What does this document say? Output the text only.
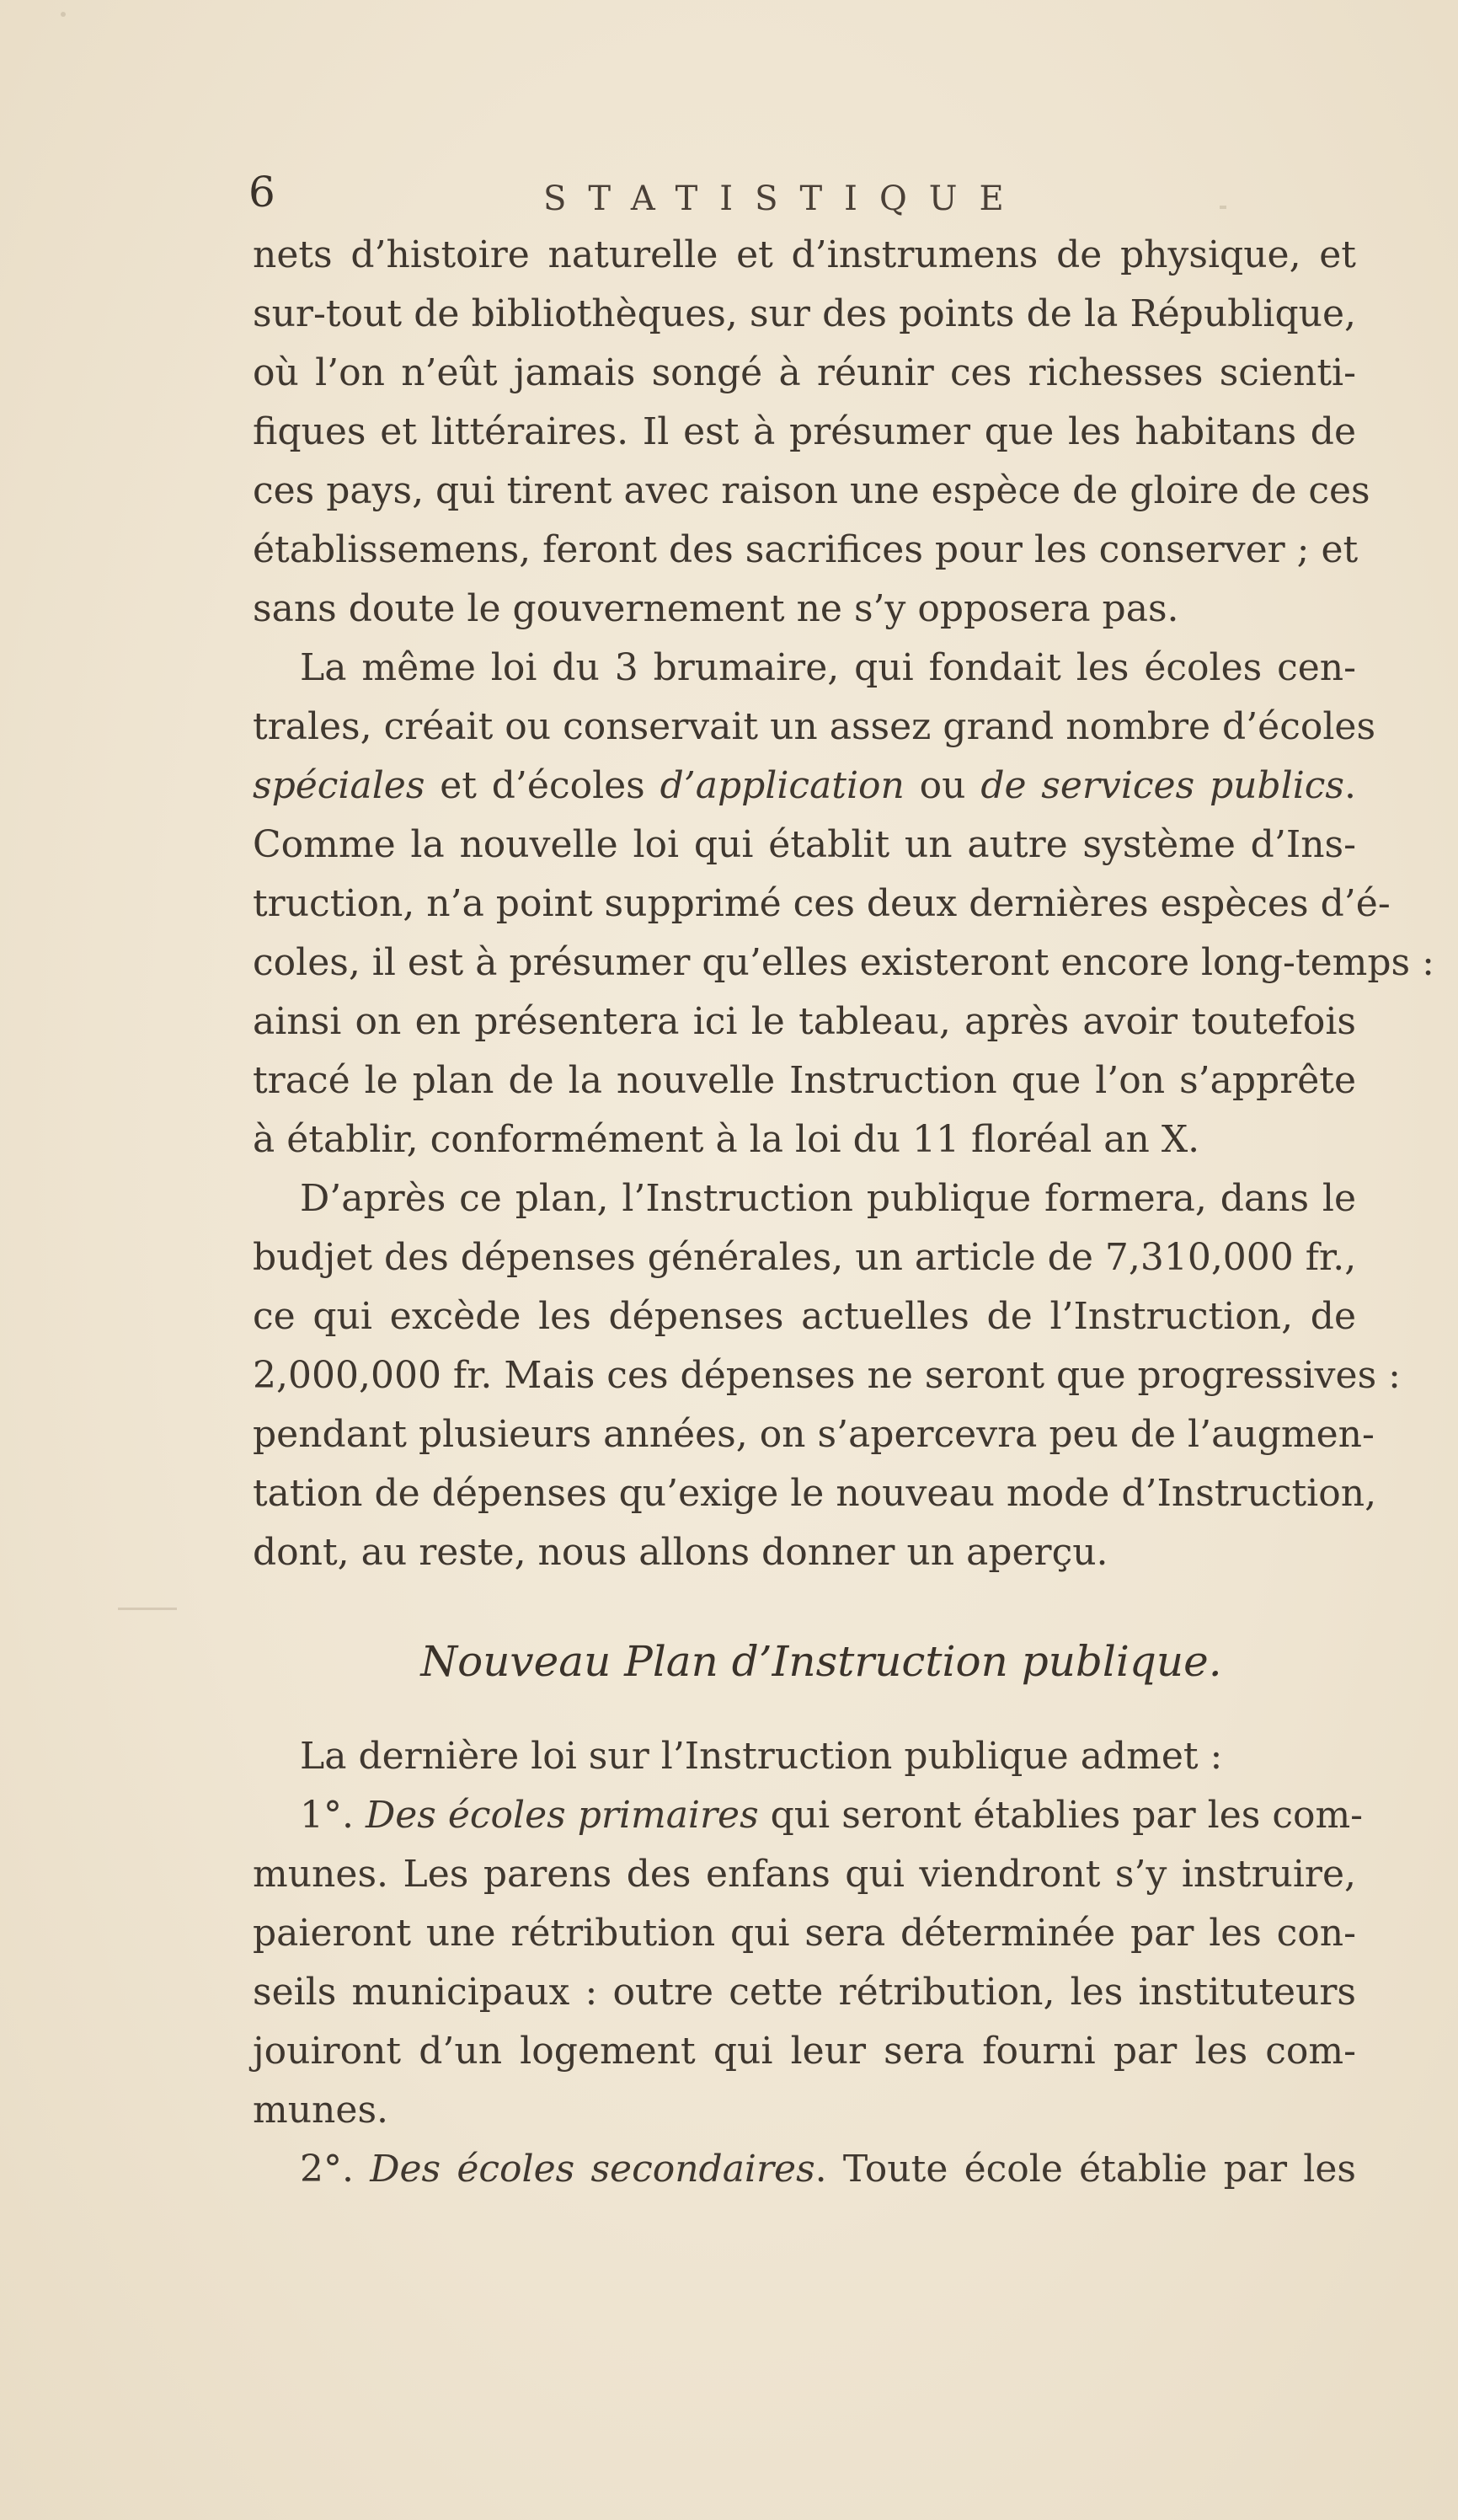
6	STATISTIQUE
nets d’histoire naturelle et d’instrumens de physique, et
sur-tout de bibliothèques, sur des points de la République,
où l’on n’eût jamais songé à réunir ces richesses scienti-
fiques et littéraires. Il est à présumer que les habitans de
ces pays, qui tirent avec raison une espèce de gloire de ces
établissemens, feront des sacrifices pour les conserver ; et
sans doute le gouvernement ne s’y opposera pas.
La même loi du 3 brumaire, qui fondait les écoles cen-
trales, créait ou conservait un assez grand nombre d’écoles
spéciales et d’écoles d’application ou de services publics.
Comme la nouvelle loi qui établit un autre système d’Ins-
truction, n’a point supprimé ces deux dernières espèces d’é-
coles, il est à présumer qu’elles existeront encore long-temps :
ainsi on en présentera ici le tableau, après avoir toutefois
tracé le plan de la nouvelle Instruction que l’on s’apprête
à établir, conformément à la loi du 11 floréal an X.
D’après ce plan, l’Instruction publique formera, dans le
budjet des dépenses générales, un article de 7,310,000 fr.,
ce qui excède les dépenses actuelles de l’Instruction, de
2,000,000 fr. Mais ces dépenses ne seront que progressives :
pendant plusieurs années, on s’apercevra peu de l’augmen-
tation de dépenses qu’exige le nouveau mode d’Instruction,
dont, au reste, nous allons donner un aperçu.
Nouveau Plan d’Instruction publique.
La dernière loi sur l’Instruction publique admet :
1°. Des écoles primaires qui seront établies par les com-
munes. Les parens des enfans qui viendront s’y instruire,
paieront une rétribution qui sera déterminée par les con-
seils municipaux : outre cette rétribution, les instituteurs
jouiront d’un logement qui leur sera fourni par les com-
munes.
2°. Des écoles secondaires. Toute école établie par les
